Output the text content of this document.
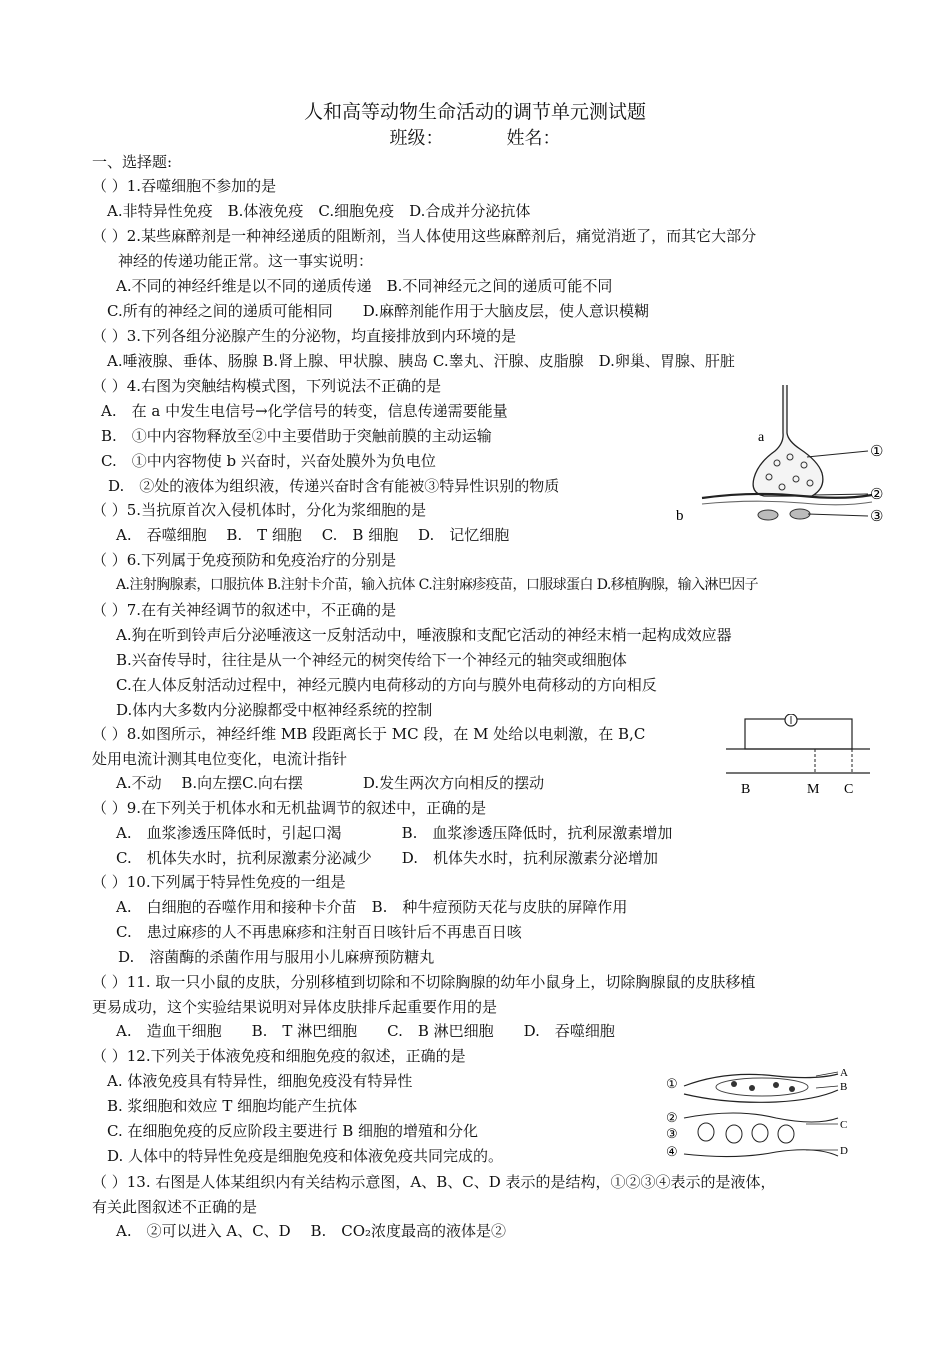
人和高等动物生命活动的调节单元测试题
班级：　　　　姓名：
一、选择题:
（ ）1.吞噬细胞不参加的是
A.非特异性免疫　B.体液免疫　C.细胞免疫　D.合成并分泌抗体
（ ）2.某些麻醉剂是一种神经递质的阻断剂，当人体使用这些麻醉剂后，痛觉消逝了，而其它大部分
神经的传递功能正常。这一事实说明：
A.不同的神经纤维是以不同的递质传递　B.不同神经元之间的递质可能不同
C.所有的神经之间的递质可能相同　　D.麻醉剂能作用于大脑皮层，使人意识模糊
（ ）3.下列各组分泌腺产生的分泌物，均直接排放到内环境的是
A.唾液腺、垂体、肠腺 B.肾上腺、甲状腺、胰岛 C.睾丸、汗腺、皮脂腺　D.卵巢、胃腺、肝脏
（ ）4.右图为突触结构模式图，下列说法不正确的是
A.　在 a 中发生电信号→化学信号的转变，信息传递需要能量
B.　①中内容物释放至②中主要借助于突触前膜的主动运输
C.　①中内容物使 b 兴奋时，兴奋处膜外为负电位
D.　②处的液体为组织液，传递兴奋时含有能被③特异性识别的物质
（ ）5.当抗原首次入侵机体时，分化为浆细胞的是
A.　吞噬细胞　 B.　T 细胞　 C.　B 细胞　 D.　记忆细胞
（ ）6.下列属于免疫预防和免疫治疗的分别是
A.注射胸腺素，口服抗体 B.注射卡介苗，输入抗体 C.注射麻疹疫苗，口服球蛋白 D.移植胸腺，输入淋巴因子
（ ）7.在有关神经调节的叙述中，不正确的是
A.狗在听到铃声后分泌唾液这一反射活动中，唾液腺和支配它活动的神经末梢一起构成效应器
B.兴奋传导时，往往是从一个神经元的树突传给下一个神经元的轴突或细胞体
C.在人体反射活动过程中，神经元膜内电荷移动的方向与膜外电荷移动的方向相反
D.体内大多数内分泌腺都受中枢神经系统的控制
（ ）8.如图所示，神经纤维 MB 段距离长于 MC 段，在 M 处给以电刺激，在 B,C
处用电流计测其电位变化，电流计指针
A.不动　 B.向左摆C.向右摆　　　　D.发生两次方向相反的摆动
（ ）9.在下列关于机体水和无机盐调节的叙述中，正确的是
A.　血浆渗透压降低时，引起口渴　　　　B.　血浆渗透压降低时，抗利尿激素增加
C.　机体失水时，抗利尿激素分泌减少　　D.　机体失水时，抗利尿激素分泌增加
（ ）10.下列属于特异性免疫的一组是
A.　白细胞的吞噬作用和接种卡介苗　B.　种牛痘预防天花与皮肤的屏障作用
C.　患过麻疹的人不再患麻疹和注射百日咳针后不再患百日咳
D.　溶菌酶的杀菌作用与服用小儿麻痹预防糖丸
（ ）11. 取一只小鼠的皮肤，分别移植到切除和不切除胸腺的幼年小鼠身上，切除胸腺鼠的皮肤移植
更易成功，这个实验结果说明对异体皮肤排斥起重要作用的是
A.　造血干细胞　　B.　T 淋巴细胞　　C.　B 淋巴细胞　　D.　吞噬细胞
（ ）12.下列关于体液免疫和细胞免疫的叙述，正确的是
A. 体液免疫具有特异性，细胞免疫没有特异性
B. 浆细胞和效应 T 细胞均能产生抗体
C. 在细胞免疫的反应阶段主要进行 B 细胞的增殖和分化
D. 人体中的特异性免疫是细胞免疫和体液免疫共同完成的。
（ ）13. 右图是人体某组织内有关结构示意图，A、B、C、D 表示的是结构，①②③④表示的是液体，
有关此图叙述不正确的是
A.　②可以进入 A、C、D　 B.　CO₂浓度最高的液体是②
a
b
①
②
③
B	M C
①
②
③
④
A
B
C
D
